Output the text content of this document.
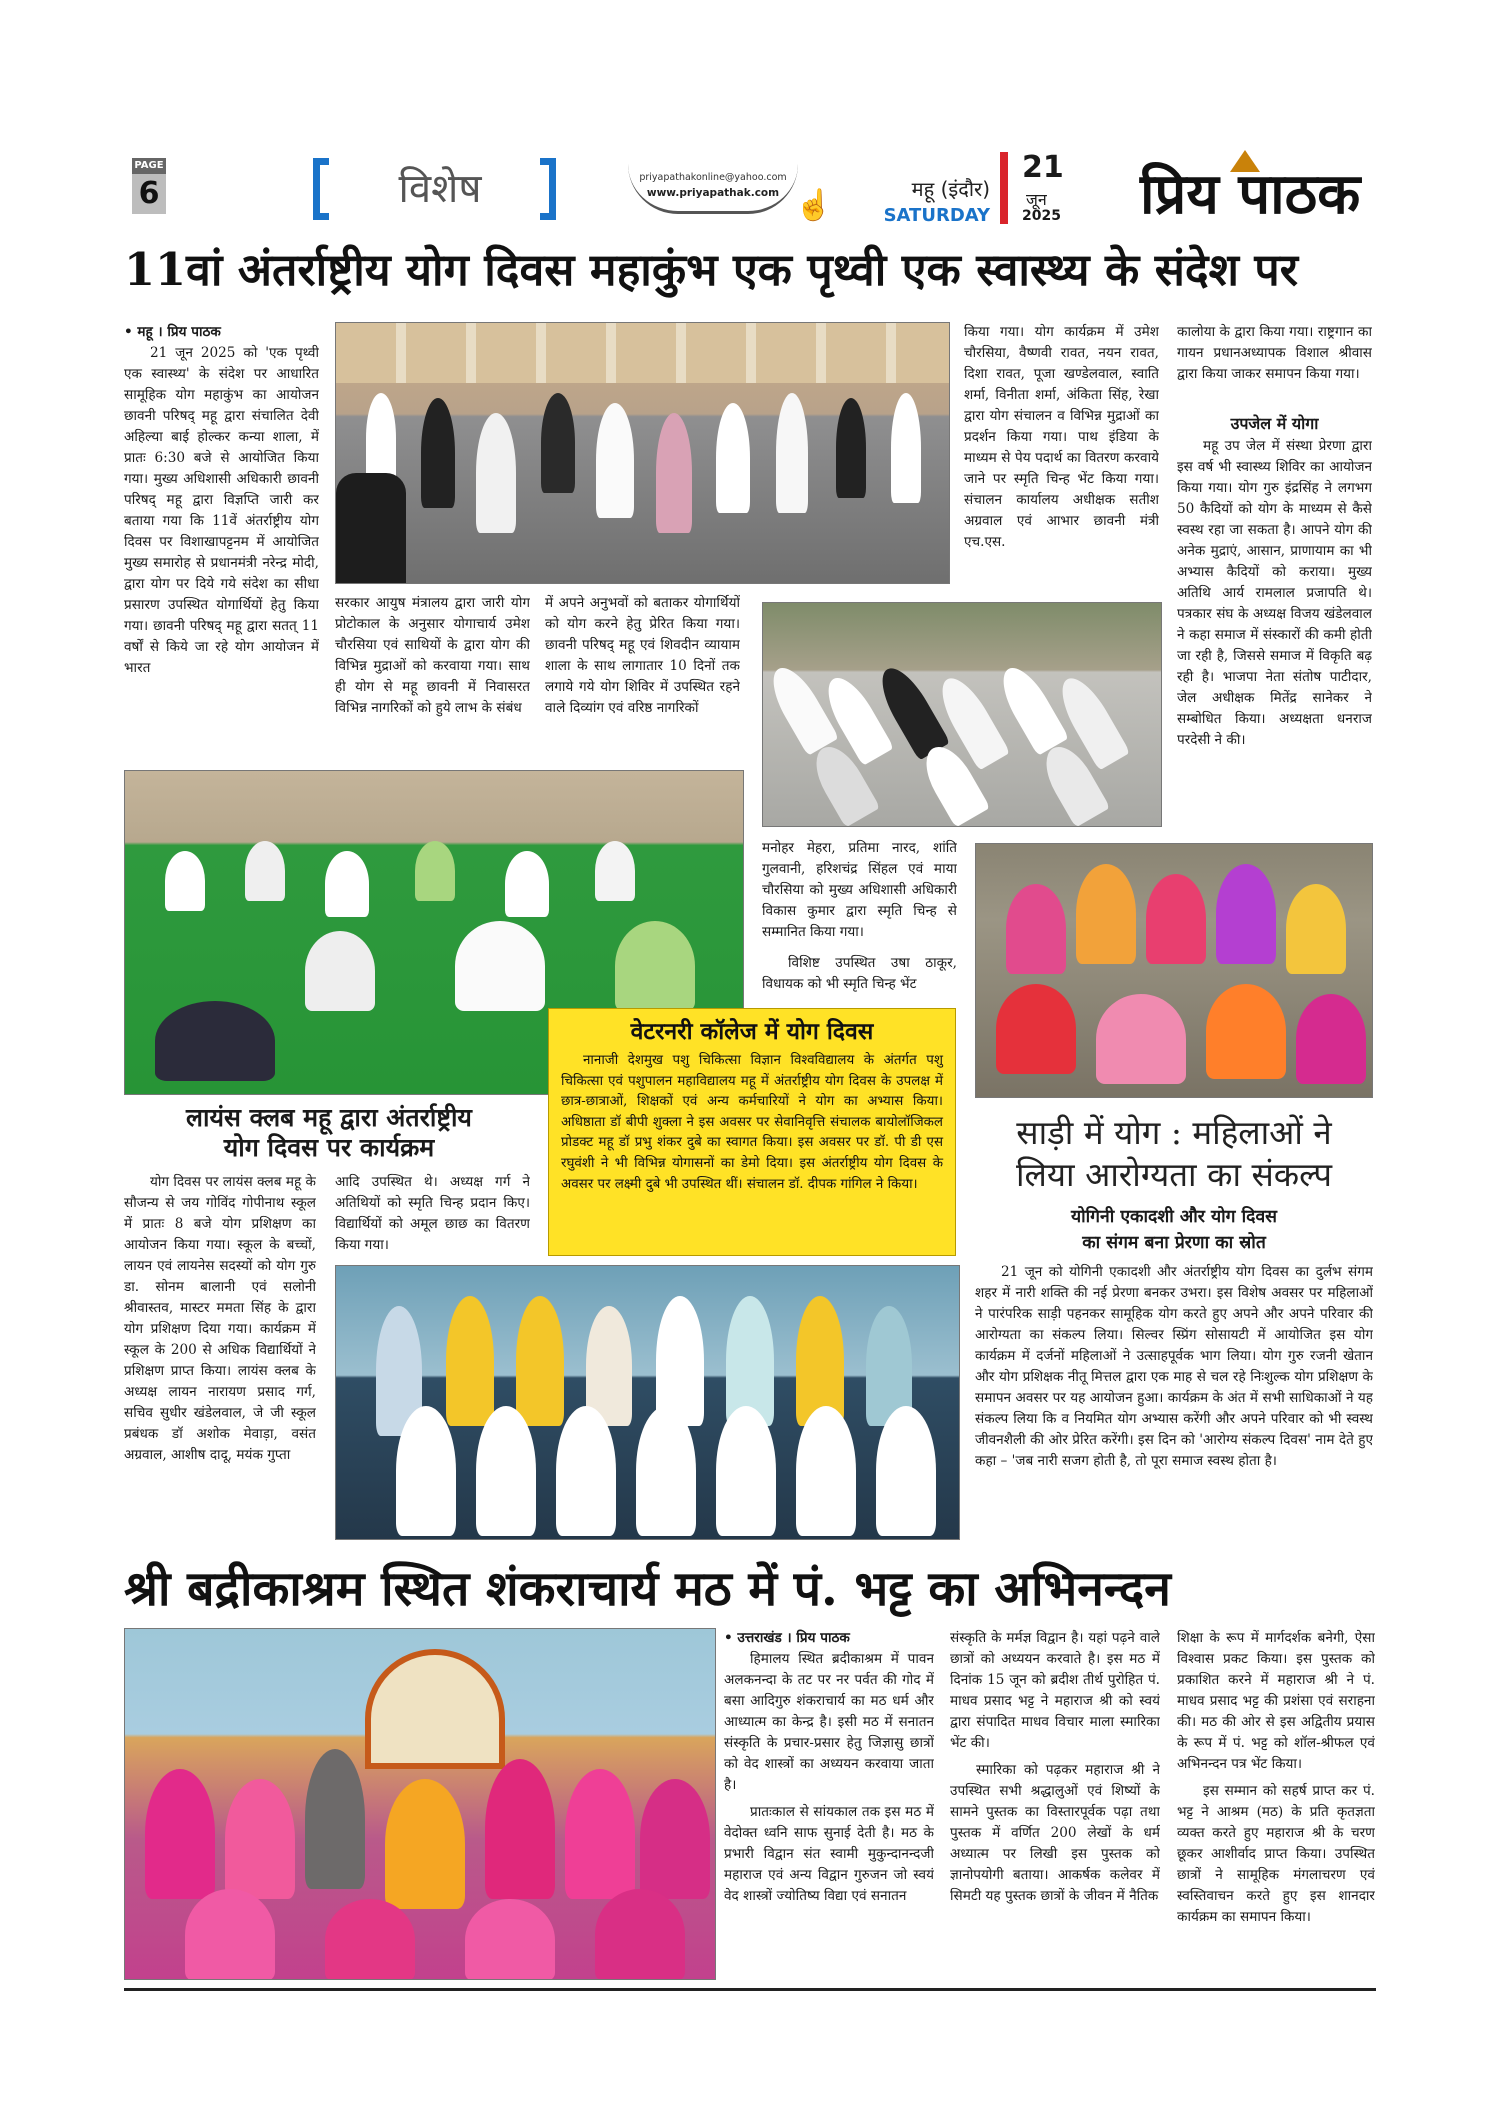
PAGE
6	विशेष	priyapathakonline@yahoo.com
www.priyapathak.com ☝	महू (इंदौर)
SATURDAY
21
जून
2025 प्रिय पाठक
11वां अंतर्राष्ट्रीय योग दिवस महाकुंभ एक पृथ्वी एक स्वास्थ्य के संदेश पर

• महू । प्रिय पाठक

21 जून 2025 को 'एक पृथ्वी एक स्वास्थ्य' के संदेश पर आधारित सामूहिक योग महाकुंभ का आयोजन छावनी परिषद् महू द्वारा संचालित देवी अहिल्या बाई होल्कर कन्या शाला, में प्रातः 6:30 बजे से आयोजित किया गया। मुख्य अधिशासी अधिकारी छावनी परिषद् महू द्वारा विज्ञप्ति जारी कर बताया गया कि 11वें अंतर्राष्ट्रीय योग दिवस पर विशाखापट्टनम में आयोजित मुख्य समारोह से प्रधानमंत्री नरेन्द्र मोदी, द्वारा योग पर दिये गये संदेश का सीधा प्रसारण उपस्थित योगार्थियों हेतु किया गया। छावनी परिषद् महू द्वारा सतत् 11 वर्षों से किये जा रहे योग आयोजन में भारत

सरकार आयुष मंत्रालय द्वारा जारी योग प्रोटोकाल के अनुसार योगाचार्य उमेश चौरसिया एवं साथियों के द्वारा योग की विभिन्न मुद्राओं को करवाया गया। साथ ही योग से महू छावनी में निवासरत विभिन्न नागरिकों को हुये लाभ के संबंध

में अपने अनुभवों को बताकर योगार्थियों को योग करने हेतु प्रेरित किया गया। छावनी परिषद् महू एवं शिवदीन व्यायाम शाला के साथ लागातार 10 दिनों तक लगाये गये योग शिविर में उपस्थित रहने वाले दिव्यांग एवं वरिष्ठ नागरिकों

किया गया। योग कार्यक्रम में उमेश चौरसिया, वैष्णवी रावत, नयन रावत, दिशा रावत, पूजा खण्डेलवाल, स्वाति शर्मा, विनीता शर्मा, अंकिता सिंह, रेखा द्वारा योग संचालन व विभिन्न मुद्राओं का प्रदर्शन किया गया। पाथ इंडिया के माध्यम से पेय पदार्थ का वितरण करवाये जाने पर स्मृति चिन्ह भेंट किया गया। संचालन कार्यालय अधीक्षक सतीश अग्रवाल एवं आभार छावनी मंत्री एच.एस.

कालोया के द्वारा किया गया। राष्ट्रगान का गायन प्रधानअध्यापक विशाल श्रीवास द्वारा किया जाकर समापन किया गया।

उपजेल में योगा

महू उप जेल में संस्था प्रेरणा द्वारा इस वर्ष भी स्वास्थ्य शिविर का आयोजन किया गया। योग गुरु इंद्रसिंह ने लगभग 50 कैदियों को योग के माध्यम से कैसे स्वस्थ रहा जा सकता है। आपने योग की अनेक मुद्राएं, आसान, प्राणायाम का भी अभ्यास कैदियों को कराया। मुख्य अतिथि आर्य रामलाल प्रजापति थे। पत्रकार संघ के अध्यक्ष विजय खंडेलवाल ने कहा समाज में संस्कारों की कमी होती जा रही है, जिससे समाज में विकृति बढ़ रही है। भाजपा नेता संतोष पाटीदार, जेल अधीक्षक मितेंद्र सानेकर ने सम्बोधित किया। अध्यक्षता धनराज परदेसी ने की।

मनोहर मेहरा, प्रतिमा नारद, शांति गुलवानी, हरिशचंद्र सिंहल एवं माया चौरसिया को मुख्य अधिशासी अधिकारी विकास कुमार द्वारा स्मृति चिन्ह से सम्मानित किया गया।

विशिष्ट उपस्थित उषा ठाकूर, विधायक को भी स्मृति चिन्ह भेंट

वेटरनरी कॉलेज में योग दिवस
नानाजी देशमुख पशु चिकित्सा विज्ञान विश्वविद्यालय के अंतर्गत पशु चिकित्सा एवं पशुपालन महाविद्यालय महू में अंतर्राष्ट्रीय योग दिवस के उपलक्ष में छात्र-छात्राओं, शिक्षकों एवं अन्य कर्मचारियों ने योग का अभ्यास किया। अधिष्ठाता डॉ बीपी शुक्ला ने इस अवसर पर सेवानिवृत्ति संचालक बायोलॉजिकल प्रोडक्ट महू डॉ प्रभु शंकर दुबे का स्वागत किया। इस अवसर पर डॉ. पी डी एस रघुवंशी ने भी विभिन्न योगासनों का डेमो दिया। इस अंतर्राष्ट्रीय योग दिवस के अवसर पर लक्ष्मी दुबे भी उपस्थित थीं। संचालन डॉ. दीपक गांगिल ने किया।
लायंस क्लब महू द्वारा अंतर्राष्ट्रीय
योग दिवस पर कार्यक्रम

योग दिवस पर लायंस क्लब महू के सौजन्य से जय गोविंद गोपीनाथ स्कूल में प्रातः 8 बजे योग प्रशिक्षण का आयोजन किया गया। स्कूल के बच्चों, लायन एवं लायनेस सदस्यों को योग गुरु डा. सोनम बालानी एवं सलोनी श्रीवास्तव, मास्टर ममता सिंह के द्वारा योग प्रशिक्षण दिया गया। कार्यक्रम में स्कूल के 200 से अधिक विद्यार्थियों ने प्रशिक्षण प्राप्त किया। लायंस क्लब के अध्यक्ष लायन नारायण प्रसाद गर्ग, सचिव सुधीर खंडेलवाल, जे जी स्कूल प्रबंधक डॉ अशोक मेवाड़ा, वसंत अग्रवाल, आशीष दादू, मयंक गुप्ता

आदि उपस्थित थे। अध्यक्ष गर्ग ने अतिथियों को स्मृति चिन्ह प्रदान किए। विद्यार्थियों को अमूल छाछ का वितरण किया गया।

साड़ी में योग : महिलाओं ने
लिया आरोग्यता का संकल्प
योगिनी एकादशी और योग दिवस
का संगम बना प्रेरणा का स्रोत

21 जून को योगिनी एकादशी और अंतर्राष्ट्रीय योग दिवस का दुर्लभ संगम शहर में नारी शक्ति की नई प्रेरणा बनकर उभरा। इस विशेष अवसर पर महिलाओं ने पारंपरिक साड़ी पहनकर सामूहिक योग करते हुए अपने और अपने परिवार की आरोग्यता का संकल्प लिया। सिल्वर स्प्रिंग सोसायटी में आयोजित इस योग कार्यक्रम में दर्जनों महिलाओं ने उत्साहपूर्वक भाग लिया। योग गुरु रजनी खेतान और योग प्रशिक्षक नीतू मित्तल द्वारा एक माह से चल रहे निःशुल्क योग प्रशिक्षण के समापन अवसर पर यह आयोजन हुआ। कार्यक्रम के अंत में सभी साधिकाओं ने यह संकल्प लिया कि व नियमित योग अभ्यास करेंगी और अपने परिवार को भी स्वस्थ जीवनशैली की ओर प्रेरित करेंगी। इस दिन को 'आरोग्य संकल्प दिवस' नाम देते हुए कहा – 'जब नारी सजग होती है, तो पूरा समाज स्वस्थ होता है।

श्री बद्रीकाश्रम स्थित शंकराचार्य मठ में पं. भट्ट का अभिनन्दन

• उत्तराखंड । प्रिय पाठक

हिमालय स्थित ब्रदीकाश्रम में पावन अलकनन्दा के तट पर नर पर्वत की गोद में बसा आदिगुरु शंकराचार्य का मठ धर्म और आध्यात्म का केन्द्र है। इसी मठ में सनातन संस्कृति के प्रचार-प्रसार हेतु जिज्ञासु छात्रों को वेद शास्त्रों का अध्ययन करवाया जाता है।

प्रातःकाल से सांयकाल तक इस मठ में वेदोक्त ध्वनि साफ सुनाई देती है। मठ के प्रभारी विद्वान संत स्वामी मुकुन्दानन्दजी महाराज एवं अन्य विद्वान गुरुजन जो स्वयं वेद शास्त्रों ज्योतिष्य विद्या एवं सनातन

संस्कृति के मर्मज्ञ विद्वान है। यहां पढ़ने वाले छात्रों को अध्ययन करवाते है। इस मठ में दिनांक 15 जून को ब्रदीश तीर्थ पुरोहित पं. माधव प्रसाद भट्ट ने महाराज श्री को स्वयं द्वारा संपादित माधव विचार माला स्मारिका भेंट की।

स्मारिका को पढ़कर महाराज श्री ने उपस्थित सभी श्रद्धालुओं एवं शिष्यों के सामने पुस्तक का विस्तारपूर्वक पढ़ा तथा पुस्तक में वर्णित 200 लेखों के धर्म अध्यात्म पर लिखी इस पुस्तक को ज्ञानोपयोगी बताया। आकर्षक कलेवर में सिमटी यह पुस्तक छात्रों के जीवन में नैतिक

शिक्षा के रूप में मार्गदर्शक बनेगी, ऐसा विश्वास प्रकट किया। इस पुस्तक को प्रकाशित करने में महाराज श्री ने पं. माधव प्रसाद भट्ट की प्रशंसा एवं सराहना की। मठ की ओर से इस अद्वितीय प्रयास के रूप में पं. भट्ट को शॉल-श्रीफल एवं अभिनन्दन पत्र भेंट किया।

इस सम्मान को सहर्ष प्राप्त कर पं. भट्ट ने आश्रम (मठ) के प्रति कृतज्ञता व्यक्त करते हुए महाराज श्री के चरण छूकर आशीर्वाद प्राप्त किया। उपस्थित छात्रों ने सामूहिक मंगलाचरण एवं स्वस्तिवाचन करते हुए इस शानदार कार्यक्रम का समापन किया।
